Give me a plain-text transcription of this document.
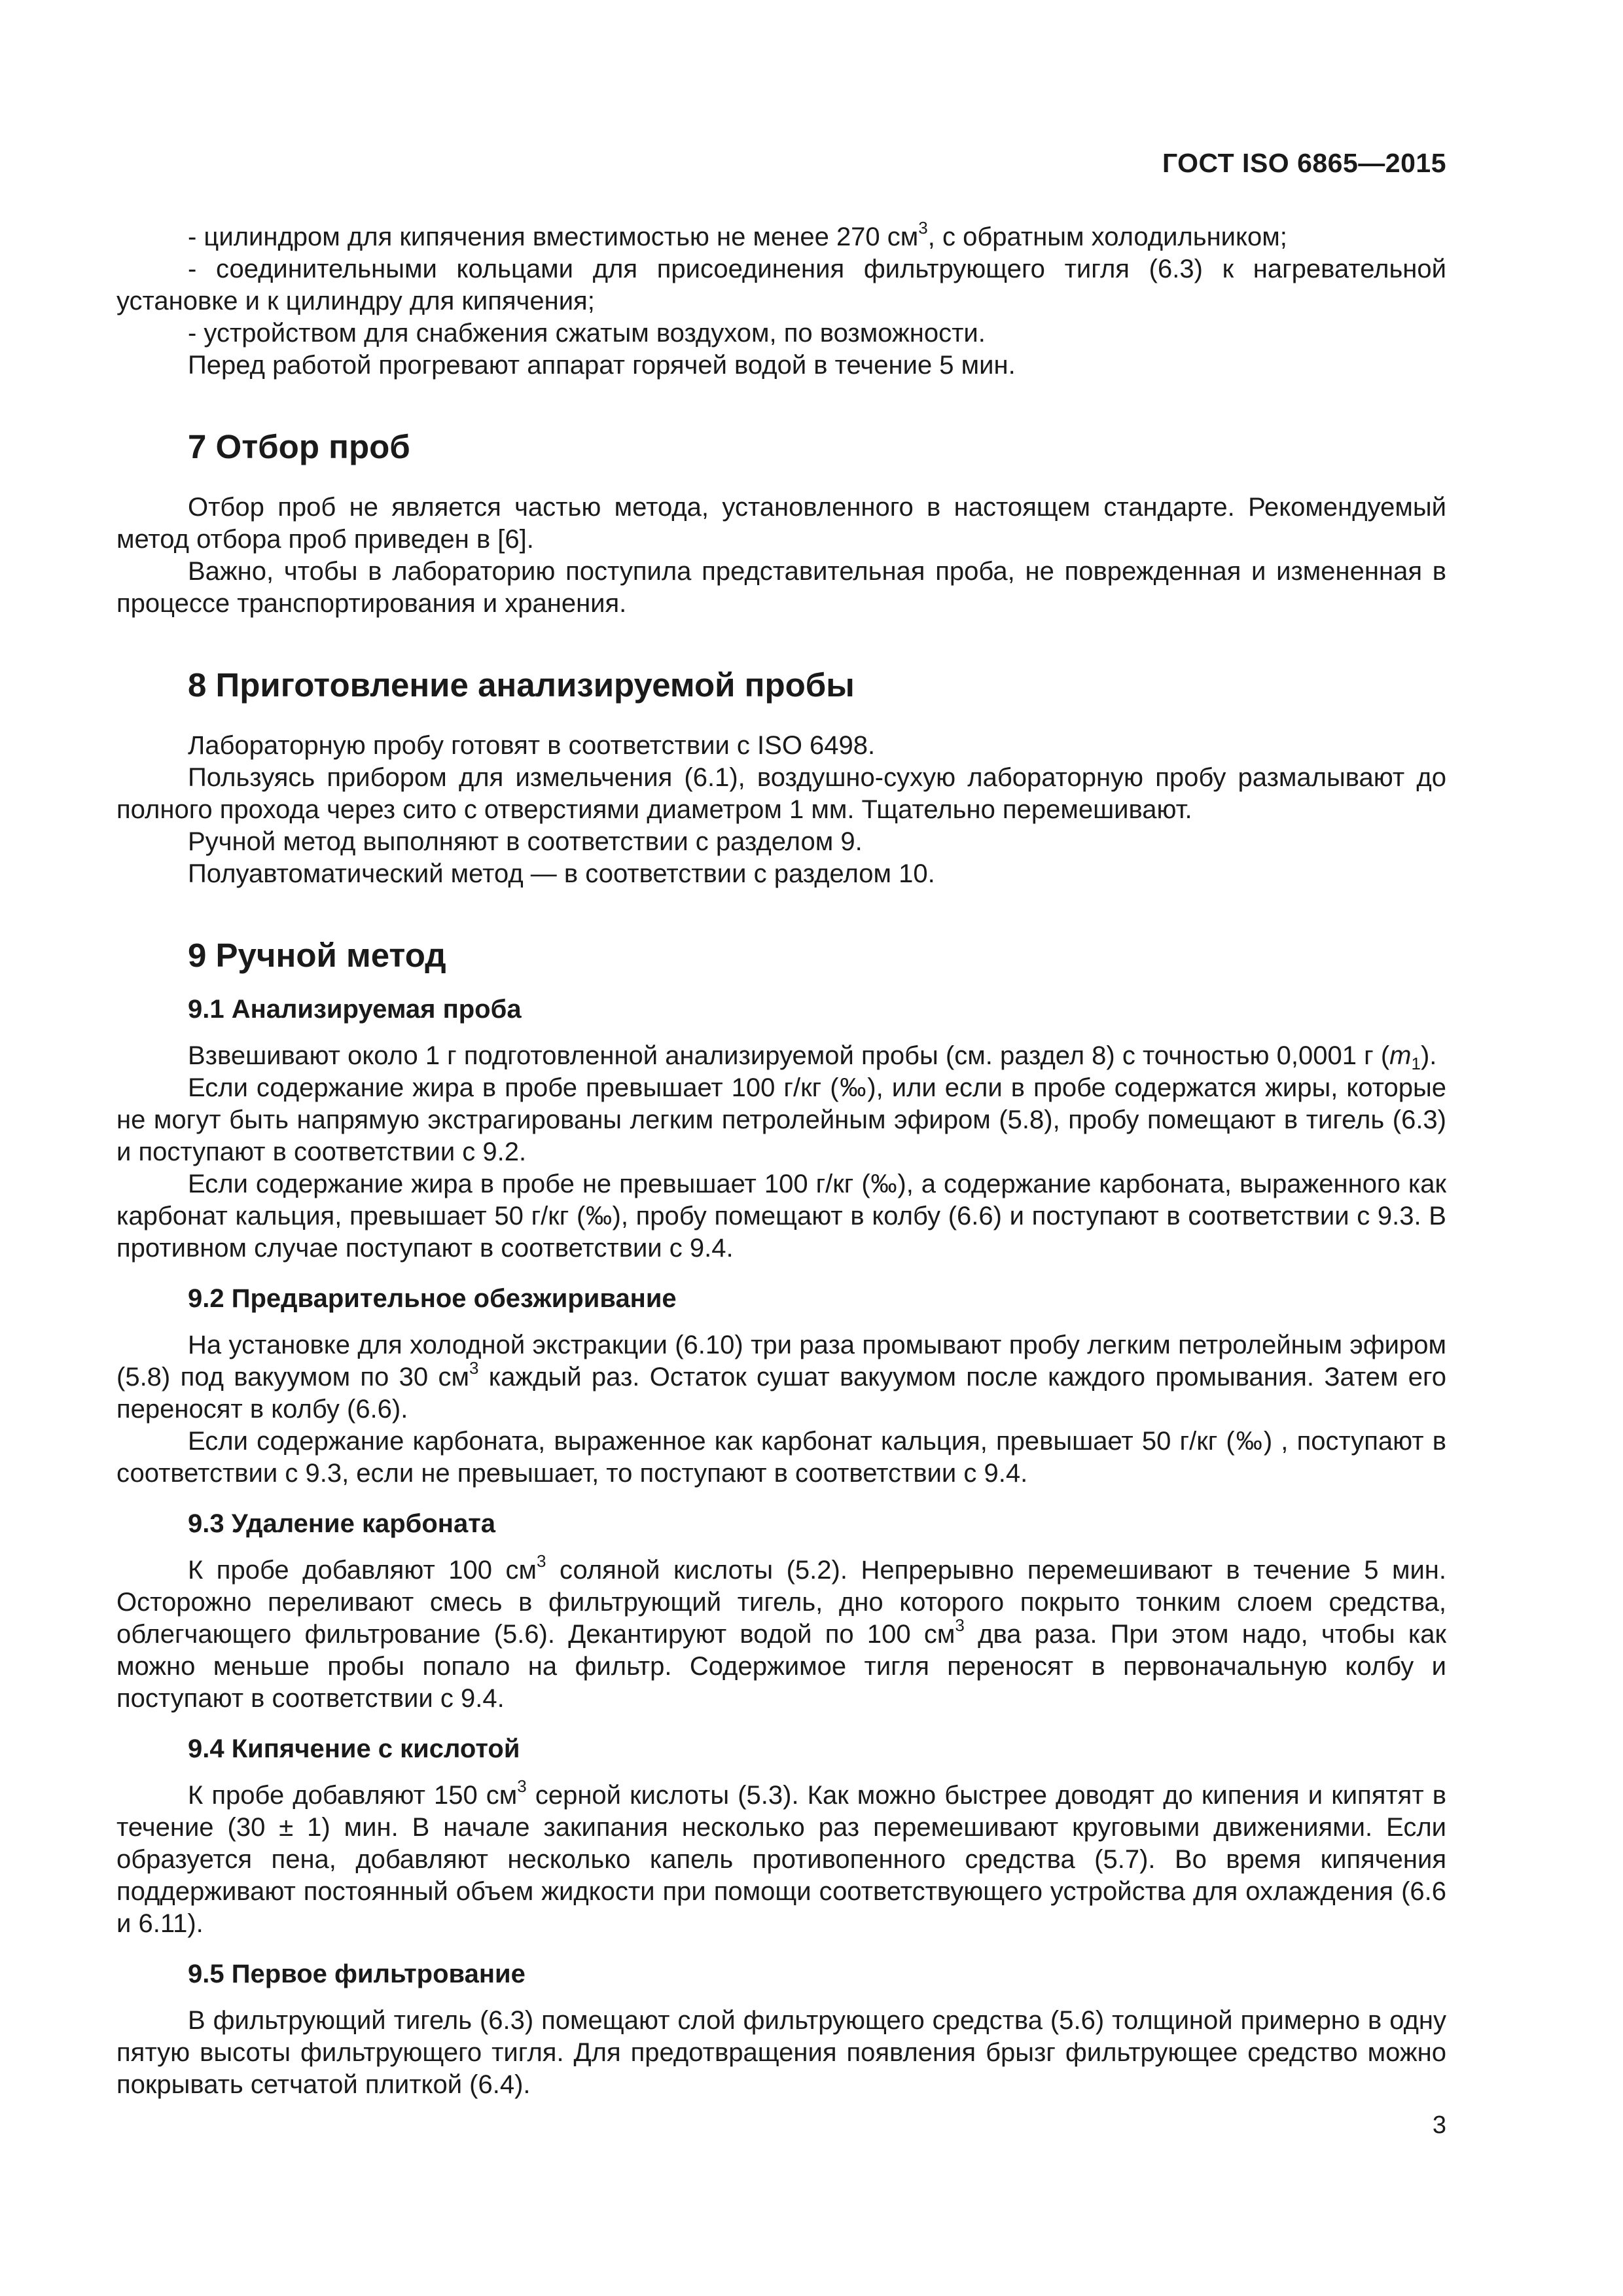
ГОСТ ISO 6865—2015

- цилиндром для кипячения вместимостью не менее 270 $см^3$, с обратным холодильником;

- соединительными кольцами для присоединения фильтрующего тигля (6.3) к нагревательной установке и к цилиндру для кипячения;

- устройством для снабжения сжатым воздухом, по возможности.

Перед работой прогревают аппарат горячей водой в течение 5 мин.

7 Отбор проб

Отбор проб не является частью метода, установленного в настоящем стандарте. Рекомендуемый метод отбора проб приведен в [6].

Важно, чтобы в лабораторию поступила представительная проба, не поврежденная и измененная в процессе транспортирования и хранения.

8 Приготовление анализируемой пробы

Лабораторную пробу готовят в соответствии с ISO 6498.

Пользуясь прибором для измельчения (6.1), воздушно-сухую лабораторную пробу размалывают до полного прохода через сито с отверстиями диаметром 1 мм. Тщательно перемешивают.

Ручной метод выполняют в соответствии с разделом 9.

Полуавтоматический метод — в соответствии с разделом 10.

9 Ручной метод
9.1 Анализируемая проба

Взвешивают около 1 г подготовленной анализируемой пробы (см. раздел 8) с точностью 0,0001 г $(m_1)$.

Если содержание жира в пробе превышает 100 г/кг (‰), или если в пробе содержатся жиры, которые не могут быть напрямую экстрагированы легким петролейным эфиром (5.8), пробу помещают в тигель (6.3) и поступают в соответствии с 9.2.

Если содержание жира в пробе не превышает 100 г/кг (‰), а содержание карбоната, выраженного как карбонат кальция, превышает 50 г/кг (‰), пробу помещают в колбу (6.6) и поступают в соответствии с 9.3. В противном случае поступают в соответствии с 9.4.

9.2 Предварительное обезжиривание

На установке для холодной экстракции (6.10) три раза промывают пробу легким петролейным эфиром (5.8) под вакуумом по 30 $см^3$ каждый раз. Остаток сушат вакуумом после каждого промывания. Затем его переносят в колбу (6.6).

Если содержание карбоната, выраженное как карбонат кальция, превышает 50 г/кг (‰) , поступают в соответствии с 9.3, если не превышает, то поступают в соответствии с 9.4.

9.3 Удаление карбоната

К пробе добавляют 100 $см^3$ соляной кислоты (5.2). Непрерывно перемешивают в течение 5 мин. Осторожно переливают смесь в фильтрующий тигель, дно которого покрыто тонким слоем средства, облегчающего фильтрование (5.6). Декантируют водой по 100 $см^3$ два раза. При этом надо, чтобы как можно меньше пробы попало на фильтр. Содержимое тигля переносят в первоначальную колбу и поступают в соответствии с 9.4.

9.4 Кипячение с кислотой

К пробе добавляют 150 $см^3$ серной кислоты (5.3). Как можно быстрее доводят до кипения и кипятят в течение (30 ± 1) мин. В начале закипания несколько раз перемешивают круговыми движениями. Если образуется пена, добавляют несколько капель противопенного средства (5.7). Во время кипячения поддерживают постоянный объем жидкости при помощи соответствующего устройства для охлаждения (6.6 и 6.11).

9.5 Первое фильтрование

В фильтрующий тигель (6.3) помещают слой фильтрующего средства (5.6) толщиной примерно в одну пятую высоты фильтрующего тигля. Для предотвращения появления брызг фильтрующее средство можно покрывать сетчатой плиткой (6.4).

3
